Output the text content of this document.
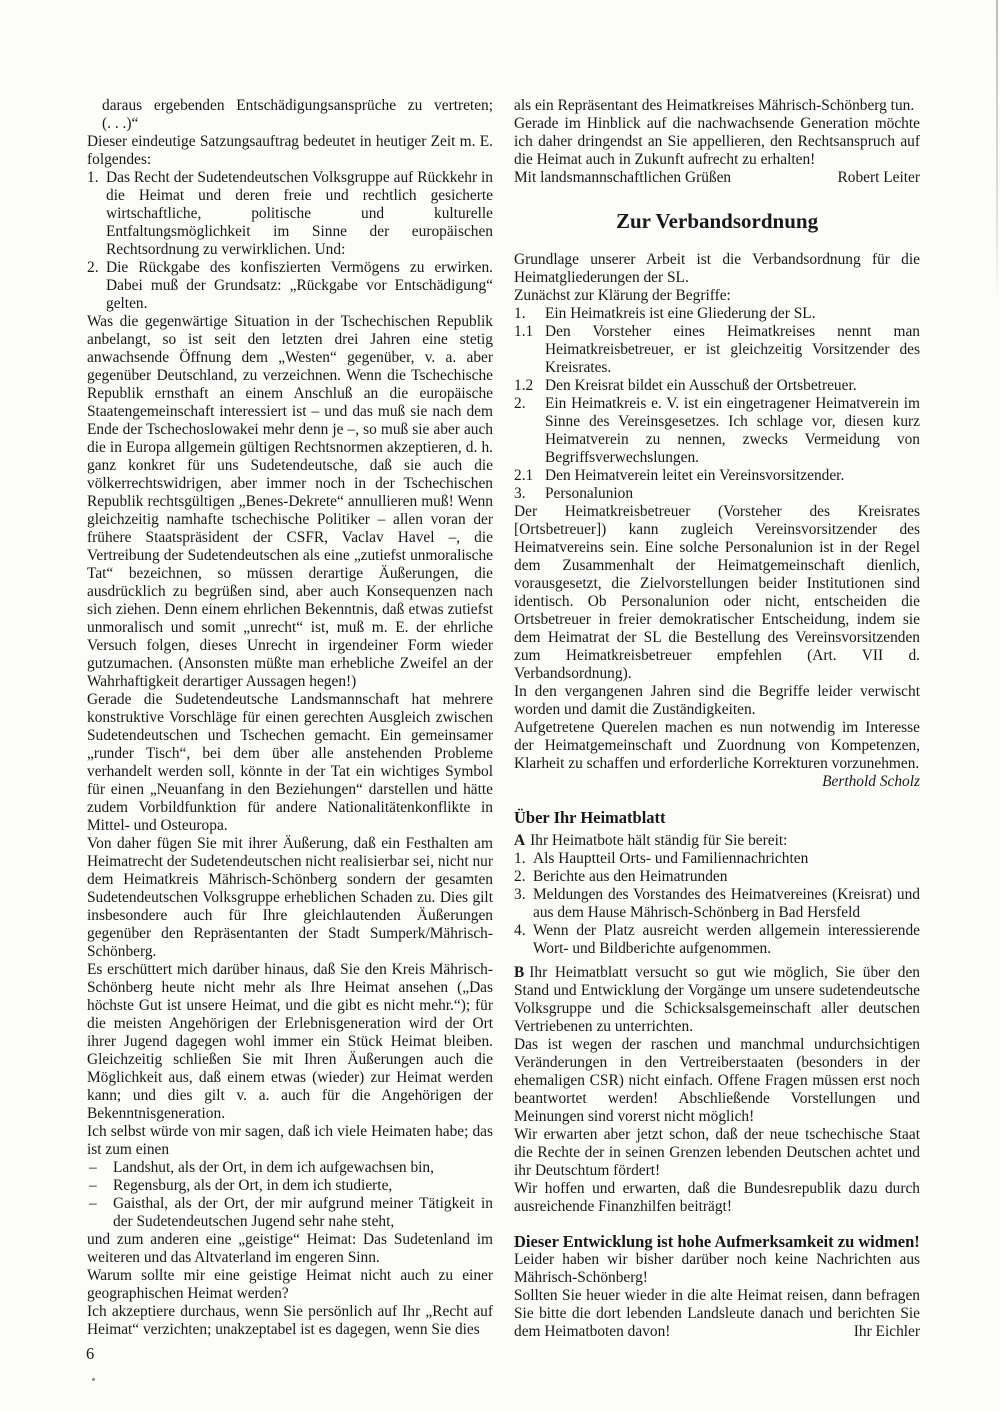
daraus ergebenden Entschädigungsansprüche zu vertreten;

(. . .)“

Dieser eindeutige Satzungsauftrag bedeutet in heutiger Zeit m. E. folgendes:

1. Das Recht der Sudetendeutschen Volksgruppe auf Rückkehr in die Heimat und deren freie und rechtlich gesicherte wirtschaftliche, politische und kulturelle Entfaltungsmöglichkeit im Sinne der europäischen Rechtsordnung zu verwirklichen. Und:
2. Die Rückgabe des konfiszierten Vermögens zu erwirken. Dabei muß der Grundsatz: „Rückgabe vor Entschädigung“ gelten.

Was die gegenwärtige Situation in der Tschechischen Republik anbelangt, so ist seit den letzten drei Jahren eine stetig anwachsende Öffnung dem „Westen“ gegenüber, v. a. aber gegenüber Deutschland, zu verzeichnen. Wenn die Tschechische Republik ernsthaft an einem Anschluß an die europäische Staatengemeinschaft interessiert ist – und das muß sie nach dem Ende der Tschechoslowakei mehr denn je –, so muß sie aber auch die in Europa allgemein gültigen Rechtsnormen akzeptieren, d. h. ganz konkret für uns Sudetendeutsche, daß sie auch die völkerrechtswidrigen, aber immer noch in der Tschechischen Republik rechtsgültigen „Benes-Dekrete“ annullieren muß! Wenn gleichzeitig namhafte tschechische Politiker – allen voran der frühere Staatspräsident der CSFR, Vaclav Havel –, die Vertreibung der Sudetendeutschen als eine „zutiefst unmoralische Tat“ bezeichnen, so müssen derartige Äußerungen, die ausdrücklich zu begrüßen sind, aber auch Konsequenzen nach sich ziehen. Denn einem ehrlichen Bekenntnis, daß etwas zutiefst unmoralisch und somit „unrecht“ ist, muß m. E. der ehrliche Versuch folgen, dieses Unrecht in irgendeiner Form wieder gutzumachen. (Ansonsten müßte man erhebliche Zweifel an der Wahrhaftigkeit derartiger Aussagen hegen!)

Gerade die Sudetendeutsche Landsmannschaft hat mehrere konstruktive Vorschläge für einen gerechten Ausgleich zwischen Sudetendeutschen und Tschechen gemacht. Ein gemeinsamer „runder Tisch“, bei dem über alle anstehenden Probleme verhandelt werden soll, könnte in der Tat ein wichtiges Symbol für einen „Neuanfang in den Beziehungen“ darstellen und hätte zudem Vorbildfunktion für andere Nationalitätenkonflikte in Mittel- und Osteuropa.

Von daher fügen Sie mit ihrer Äußerung, daß ein Festhalten am Heimatrecht der Sudetendeutschen nicht realisierbar sei, nicht nur dem Heimatkreis Mährisch-Schönberg sondern der gesamten Sudetendeutschen Volksgruppe erheblichen Schaden zu. Dies gilt insbesondere auch für Ihre gleichlautenden Äußerungen gegenüber den Repräsentanten der Stadt Sumperk/Mährisch-Schönberg.

Es erschüttert mich darüber hinaus, daß Sie den Kreis Mährisch-Schönberg heute nicht mehr als Ihre Heimat ansehen („Das höchste Gut ist unsere Heimat, und die gibt es nicht mehr.“); für die meisten Angehörigen der Erlebnisgeneration wird der Ort ihrer Jugend dagegen wohl immer ein Stück Heimat bleiben. Gleichzeitig schließen Sie mit Ihren Äußerungen auch die Möglichkeit aus, daß einem etwas (wieder) zur Heimat werden kann; und dies gilt v. a. auch für die Angehörigen der Bekenntnisgeneration.

Ich selbst würde von mir sagen, daß ich viele Heimaten habe; das ist zum einen

– Landshut, als der Ort, in dem ich aufgewachsen bin,
– Regensburg, als der Ort, in dem ich studierte,
– Gaisthal, als der Ort, der mir aufgrund meiner Tätigkeit in der Sudetendeutschen Jugend sehr nahe steht,

und zum anderen eine „geistige“ Heimat: Das Sudetenland im weiteren und das Altvaterland im engeren Sinn.

Warum sollte mir eine geistige Heimat nicht auch zu einer geographischen Heimat werden?

Ich akzeptiere durchaus, wenn Sie persönlich auf Ihr „Recht auf Heimat“ verzichten; unakzeptabel ist es dagegen, wenn Sie dies

als ein Repräsentant des Heimatkreises Mährisch-Schönberg tun.

Gerade im Hinblick auf die nachwachsende Generation möchte ich daher dringendst an Sie appellieren, den Rechtsanspruch auf die Heimat auch in Zukunft aufrecht zu erhalten!

Mit landsmannschaftlichen Grüßen	Robert Leiter
Zur Verbandsordnung

Grundlage unserer Arbeit ist die Verbandsordnung für die Heimatgliederungen der SL.

Zunächst zur Klärung der Begriffe:

1. Ein Heimatkreis ist eine Gliederung der SL.
1.1 Den Vorsteher eines Heimatkreises nennt man Heimatkreisbetreuer, er ist gleichzeitig Vorsitzender des Kreisrates.
1.2 Den Kreisrat bildet ein Ausschuß der Ortsbetreuer.
2. Ein Heimatkreis e. V. ist ein eingetragener Heimatverein im Sinne des Vereinsgesetzes. Ich schlage vor, diesen kurz Heimatverein zu nennen, zwecks Vermeidung von Begriffsverwechslungen.
2.1 Den Heimatverein leitet ein Vereinsvorsitzender.
3. Personalunion

Der Heimatkreisbetreuer (Vorsteher des Kreisrates [Ortsbetreuer]) kann zugleich Vereinsvorsitzender des Heimatvereins sein. Eine solche Personalunion ist in der Regel dem Zusammenhalt der Heimatgemeinschaft dienlich, vorausgesetzt, die Zielvorstellungen beider Institutionen sind identisch. Ob Personalunion oder nicht, entscheiden die Ortsbetreuer in freier demokratischer Entscheidung, indem sie dem Heimatrat der SL die Bestellung des Vereinsvorsitzenden zum Heimatkreisbetreuer empfehlen (Art. VII d. Verbandsordnung).

In den vergangenen Jahren sind die Begriffe leider verwischt worden und damit die Zuständigkeiten.

Aufgetretene Querelen machen es nun notwendig im Interesse der Heimatgemeinschaft und Zuordnung von Kompetenzen, Klarheit zu schaffen und erforderliche Korrekturen vorzunehmen.
Berthold Scholz

Über Ihr Heimatblatt

A Ihr Heimatbote hält ständig für Sie bereit:

1. Als Hauptteil Orts- und Familiennachrichten
2. Berichte aus den Heimatrunden
3. Meldungen des Vorstandes des Heimatvereines (Kreisrat) und aus dem Hause Mährisch-Schönberg in Bad Hersfeld
4. Wenn der Platz ausreicht werden allgemein interessierende Wort- und Bildberichte aufgenommen.

B Ihr Heimatblatt versucht so gut wie möglich, Sie über den Stand und Entwicklung der Vorgänge um unsere sudetendeutsche Volksgruppe und die Schicksalsgemeinschaft aller deutschen Vertriebenen zu unterrichten.

Das ist wegen der raschen und manchmal undurchsichtigen Veränderungen in den Vertreiberstaaten (besonders in der ehemaligen CSR) nicht einfach. Offene Fragen müssen erst noch beantwortet werden! Abschließende Vorstellungen und Meinungen sind vorerst nicht möglich!

Wir erwarten aber jetzt schon, daß der neue tschechische Staat die Rechte der in seinen Grenzen lebenden Deutschen achtet und ihr Deutschtum fördert!

Wir hoffen und erwarten, daß die Bundesrepublik dazu durch ausreichende Finanzhilfen beiträgt!

Dieser Entwicklung ist hohe Aufmerksamkeit zu widmen!

Leider haben wir bisher darüber noch keine Nachrichten aus Mährisch-Schönberg!

Sollten Sie heuer wieder in die alte Heimat reisen, dann befragen Sie bitte die dort lebenden Landsleute danach und berichten Sie dem Heimatboten davon!	Ihr Eichler

6
